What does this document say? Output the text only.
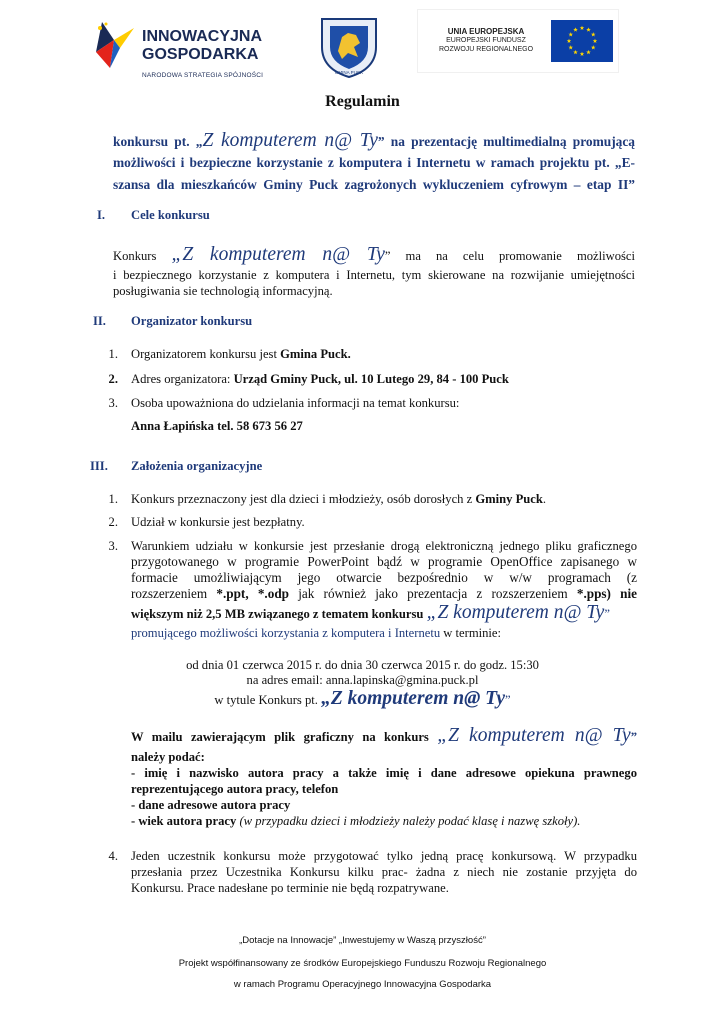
INNOWACYJNA
GOSPODARKA
NARODOWA STRATEGIA SPÓJNOŚCI	GMINA PUCK
UNIA EUROPEJSKA
EUROPEJSKI FUNDUSZ
ROZWOJU REGIONALNEGO
Regulamin
konkursu pt. „Z komputerem n@ Ty” na prezentację multimedialną promującą
możliwości i bezpieczne korzystanie z komputera i Internetu w ramach projektu pt. „E-
szansa dla mieszkańców Gminy Puck zagrożonych wykluczeniem cyfrowym – etap II”
I. Cele konkursu
Konkurs „Z komputerem n@ Ty” ma na celu promowanie możliwości
i bezpiecznego korzystanie z komputera i Internetu, tym skierowane na rozwijanie umiejętności
posługiwania sie technologią informacyjną.
II. Organizator konkursu
1. Organizatorem konkursu jest Gmina Puck.
2. Adres organizatora: Urząd Gminy Puck, ul. 10 Lutego 29, 84 - 100 Puck
3. Osoba upoważniona do udzielania informacji na temat konkursu:
Anna Łapińska tel. 58 673 56 27
III. Założenia organizacyjne
1. Konkurs przeznaczony jest dla dzieci i młodzieży, osób dorosłych z Gminy Puck.
2. Udział w konkursie jest bezpłatny.
3. Warunkiem udziału w konkursie jest przesłanie drogą elektroniczną jednego pliku graficznego
przygotowanego w programie PowerPoint bądź w programie OpenOffice zapisanego w
formacie umożliwiającym jego otwarcie bezpośrednio w w/w programach (z
rozszerzeniem *.ppt, *.odp jak również jako prezentacja z rozszerzeniem *.pps) nie
większym niż 2,5 MB związanego z tematem konkursu „Z komputerem n@ Ty”
promującego możliwości korzystania z komputera i Internetu w terminie:
od dnia 01 czerwca 2015 r. do dnia 30 czerwca 2015 r. do godz. 15:30
na adres email: anna.lapinska@gmina.puck.pl
w tytule Konkurs pt. „Z komputerem n@ Ty”
W mailu zawierającym plik graficzny na konkurs „Z komputerem n@ Ty”
należy podać:
- imię i nazwisko autora pracy a także imię i dane adresowe opiekuna prawnego
reprezentującego autora pracy, telefon
- dane adresowe autora pracy
- wiek autora pracy (w przypadku dzieci i młodzieży należy podać klasę i nazwę szkoły).
4. Jeden uczestnik konkursu może przygotować tylko jedną pracę konkursową. W przypadku
przesłania przez Uczestnika Konkursu kilku prac- żadna z niech nie zostanie przyjęta do
Konkursu. Prace nadesłane po terminie nie będą rozpatrywane.
„Dotacje na Innowacje” „Inwestujemy w Waszą przyszłość”
Projekt współfinansowany ze środków Europejskiego Funduszu Rozwoju Regionalnego
w ramach Programu Operacyjnego Innowacyjna Gospodarka
